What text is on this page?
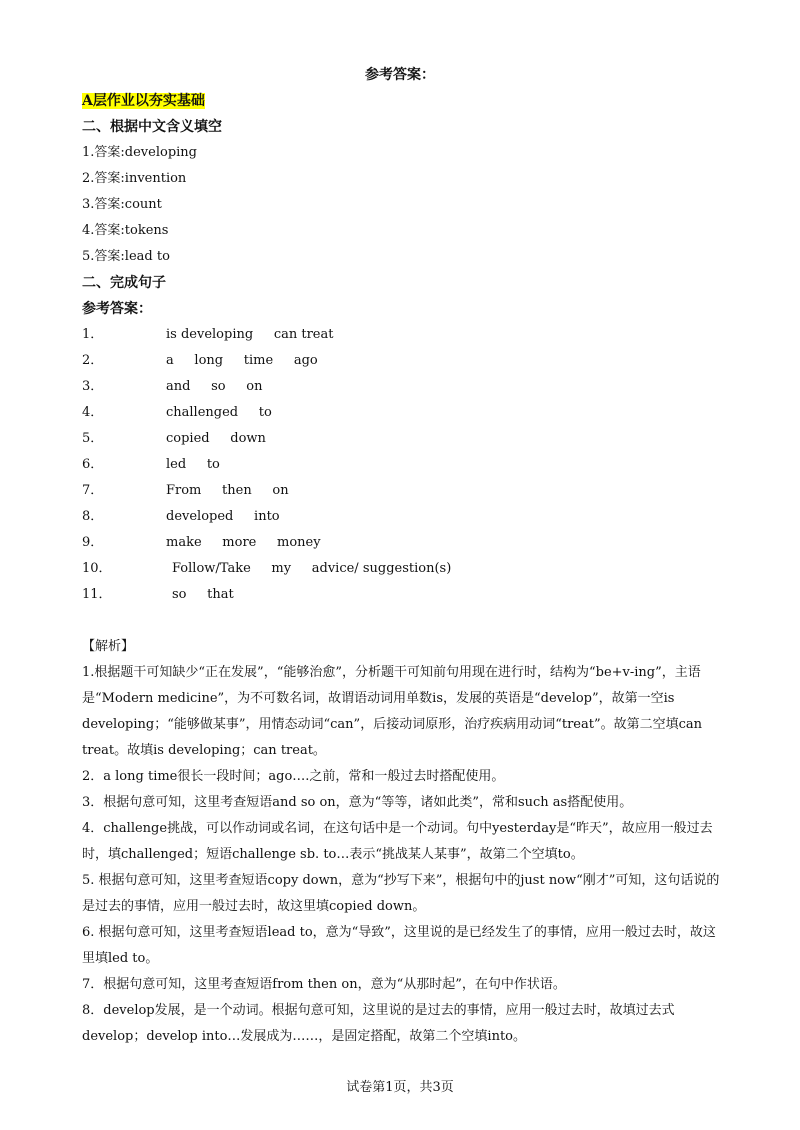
参考答案：
A层作业以夯实基础
二、根据中文含义填空
1.答案:developing
2.答案:invention
3.答案:count
4.答案:tokens
5.答案:lead to
二、完成句子
参考答案：
1．	is developing     can treat
2．	a     long     time     ago
3．	and     so     on
4．	challenged     to
5．	copied     down
6．	led     to
7．	From     then     on
8．	developed     into
9．	make     more     money
10．	Follow/Take     my     advice/ suggestion(s)
11．	so     that
【解析】
1.根据题干可知缺少“正在发展”，“能够治愈”，分析题干可知前句用现在进行时，结构为“be+v-ing”，主语是“Modern medicine”，为不可数名词，故谓语动词用单数is，发展的英语是“develop”，故第一空is developing；“能够做某事”，用情态动词“can”，后接动词原形，治疗疾病用动词“treat”。故第二空填can treat。故填is developing；can treat。
2．a long time很长一段时间；ago….之前，常和一般过去时搭配使用。
3．根据句意可知，这里考查短语and so on，意为“等等，诸如此类”，常和such as搭配使用。
4．challenge挑战，可以作动词或名词，在这句话中是一个动词。句中yesterday是“昨天”，故应用一般过去时，填challenged；短语challenge sb. to…表示“挑战某人某事”，故第二个空填to。
5. 根据句意可知，这里考查短语copy down，意为“抄写下来”，根据句中的just now“刚才”可知，这句话说的是过去的事情，应用一般过去时，故这里填copied down。
6. 根据句意可知，这里考查短语lead to，意为“导致”，这里说的是已经发生了的事情，应用一般过去时，故这里填led to。
7．根据句意可知，这里考查短语from then on，意为“从那时起”，在句中作状语。
8．develop发展，是一个动词。根据句意可知，这里说的是过去的事情，应用一般过去时，故填过去式develop；develop into…发展成为……，是固定搭配，故第二个空填into。
试卷第1页，共3页
